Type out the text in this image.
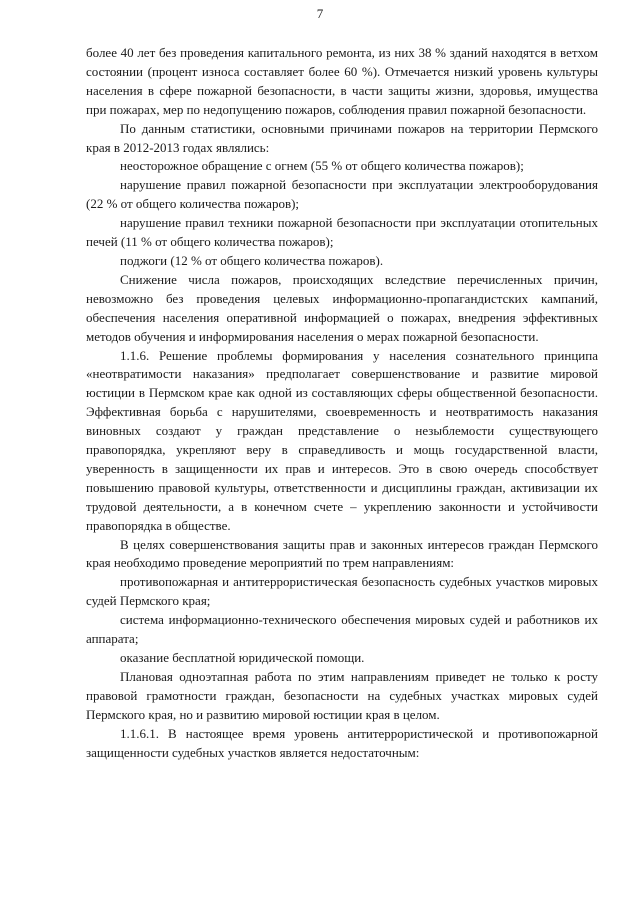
7

более 40 лет без проведения капитального ремонта, из них 38 % зданий находятся в ветхом состоянии (процент износа составляет более 60 %). Отмечается низкий уровень культуры населения в сфере пожарной безопасности, в части защиты жизни, здоровья, имущества при пожарах, мер по недопущению пожаров, соблюдения правил пожарной безопасности.

По данным статистики, основными причинами пожаров на территории Пермского края в 2012-2013 годах являлись:

неосторожное обращение с огнем (55 % от общего количества пожаров);

нарушение правил пожарной безопасности при эксплуатации электрооборудования (22 % от общего количества пожаров);

нарушение правил техники пожарной безопасности при эксплуатации отопительных печей (11 % от общего количества пожаров);

поджоги (12 % от общего количества пожаров).

Снижение числа пожаров, происходящих вследствие перечисленных причин, невозможно без проведения целевых информационно-пропагандистских кампаний, обеспечения населения оперативной информацией о пожарах, внедрения эффективных методов обучения и информирования населения о мерах пожарной безопасности.

1.1.6. Решение проблемы формирования у населения сознательного принципа «неотвратимости наказания» предполагает совершенствование и развитие мировой юстиции в Пермском крае как одной из составляющих сферы общественной безопасности. Эффективная борьба с нарушителями, своевременность и неотвратимость наказания виновных создают у граждан представление о незыблемости существующего правопорядка, укрепляют веру в справедливость и мощь государственной власти, уверенность в защищенности их прав и интересов. Это в свою очередь способствует повышению правовой культуры, ответственности и дисциплины граждан, активизации их трудовой деятельности, а в конечном счете – укреплению законности и устойчивости правопорядка в обществе.

В целях совершенствования защиты прав и законных интересов граждан Пермского края необходимо проведение мероприятий по трем направлениям:

противопожарная и антитеррористическая безопасность судебных участков мировых судей Пермского края;

система информационно-технического обеспечения мировых судей и работников их аппарата;

оказание бесплатной юридической помощи.

Плановая одноэтапная работа по этим направлениям приведет не только к росту правовой грамотности граждан, безопасности на судебных участках мировых судей Пермского края, но и развитию мировой юстиции края в целом.

1.1.6.1. В настоящее время уровень антитеррористической и противопожарной защищенности судебных участков является недостаточным:
